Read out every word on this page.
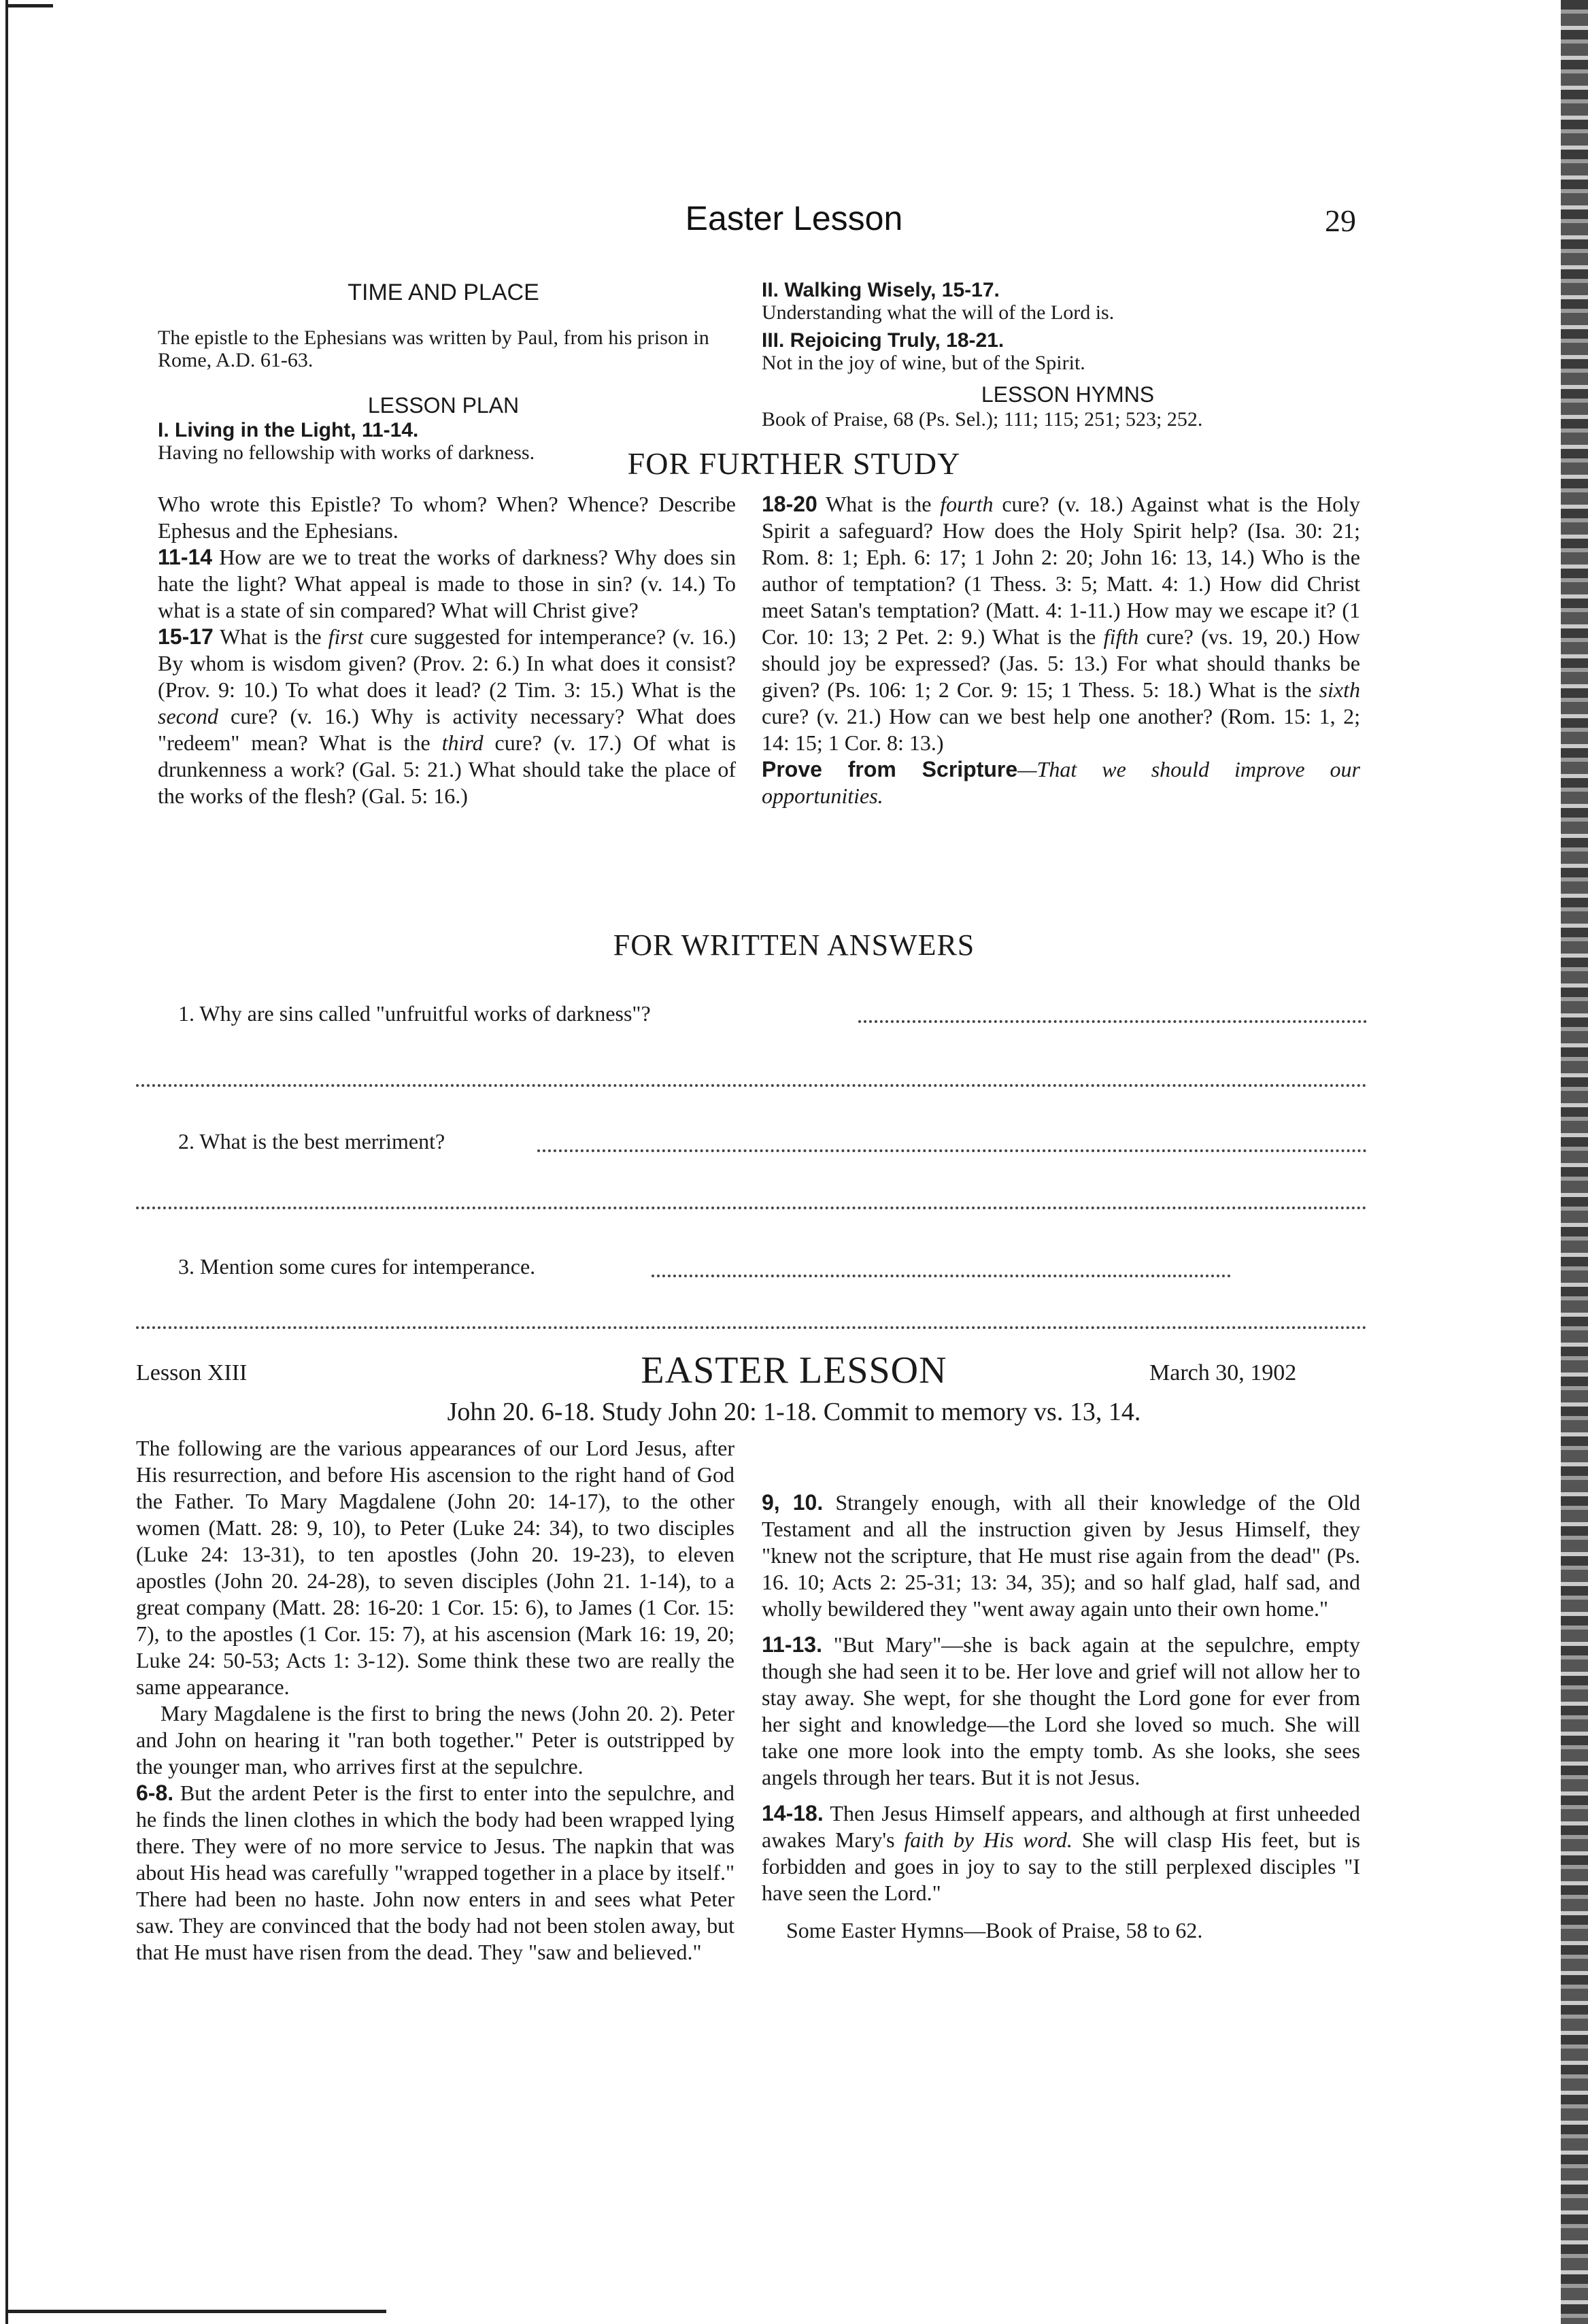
Easter Lesson	29
TIME AND PLACE

The epistle to the Ephesians was written by Paul, from his prison in Rome, A.D. 61-63.

LESSON PLAN
I. Living in the Light, 11-14.
Having no fellowship with works of darkness.
II. Walking Wisely, 15-17.
Understanding what the will of the Lord is.
III. Rejoicing Truly, 18-21.
Not in the joy of wine, but of the Spirit.
LESSON HYMNS
Book of Praise, 68 (Ps. Sel.); 111; 115; 251; 523; 252.
FOR FURTHER STUDY

Who wrote this Epistle? To whom? When? Whence? Describe Ephesus and the Ephesians.

11-14 How are we to treat the works of darkness? Why does sin hate the light? What appeal is made to those in sin? (v. 14.) To what is a state of sin compared? What will Christ give?

15-17 What is the first cure suggested for intemperance? (v. 16.) By whom is wisdom given? (Prov. 2: 6.) In what does it consist? (Prov. 9: 10.) To what does it lead? (2 Tim. 3: 15.) What is the second cure? (v. 16.) Why is activity necessary? What does "redeem" mean? What is the third cure? (v. 17.) Of what is drunkenness a work? (Gal. 5: 21.) What should take the place of the works of the flesh? (Gal. 5: 16.)

18-20 What is the fourth cure? (v. 18.) Against what is the Holy Spirit a safeguard? How does the Holy Spirit help? (Isa. 30: 21; Rom. 8: 1; Eph. 6: 17; 1 John 2: 20; John 16: 13, 14.) Who is the author of temptation? (1 Thess. 3: 5; Matt. 4: 1.) How did Christ meet Satan's temptation? (Matt. 4: 1-11.) How may we escape it? (1 Cor. 10: 13; 2 Pet. 2: 9.) What is the fifth cure? (vs. 19, 20.) How should joy be expressed? (Jas. 5: 13.) For what should thanks be given? (Ps. 106: 1; 2 Cor. 9: 15; 1 Thess. 5: 18.) What is the sixth cure? (v. 21.) How can we best help one another? (Rom. 15: 1, 2; 14: 15; 1 Cor. 8: 13.)

Prove from Scripture—That we should improve our opportunities.

FOR WRITTEN ANSWERS
1. Why are sins called "unfruitful works of darkness"?
2. What is the best merriment?
3. Mention some cures for intemperance.
Lesson XIII	EASTER LESSON	March 30, 1902
John 20. 6-18. Study John 20: 1-18. Commit to memory vs. 13, 14.

The following are the various appearances of our Lord Jesus, after His resurrection, and before His ascension to the right hand of God the Father. To Mary Magdalene (John 20: 14-17), to the other women (Matt. 28: 9, 10), to Peter (Luke 24: 34), to two disciples (Luke 24: 13-31), to ten apostles (John 20. 19-23), to eleven apostles (John 20. 24-28), to seven disciples (John 21. 1-14), to a great company (Matt. 28: 16-20: 1 Cor. 15: 6), to James (1 Cor. 15: 7), to the apostles (1 Cor. 15: 7), at his ascension (Mark 16: 19, 20; Luke 24: 50-53; Acts 1: 3-12). Some think these two are really the same appearance.

Mary Magdalene is the first to bring the news (John 20. 2). Peter and John on hearing it "ran both together." Peter is outstripped by the younger man, who arrives first at the sepulchre.

6-8. But the ardent Peter is the first to enter into the sepulchre, and he finds the linen clothes in which the body had been wrapped lying there. They were of no more service to Jesus. The napkin that was about His head was carefully "wrapped together in a place by itself." There had been no haste. John now enters in and sees what Peter saw. They are convinced that the body had not been stolen away, but that He must have risen from the dead. They "saw and believed."

9, 10. Strangely enough, with all their knowledge of the Old Testament and all the instruction given by Jesus Himself, they "knew not the scripture, that He must rise again from the dead" (Ps. 16. 10; Acts 2: 25-31; 13: 34, 35); and so half glad, half sad, and wholly bewildered they "went away again unto their own home."

11-13. "But Mary"—she is back again at the sepulchre, empty though she had seen it to be. Her love and grief will not allow her to stay away. She wept, for she thought the Lord gone for ever from her sight and knowledge—the Lord she loved so much. She will take one more look into the empty tomb. As she looks, she sees angels through her tears. But it is not Jesus.

14-18. Then Jesus Himself appears, and although at first unheeded awakes Mary's faith by His word. She will clasp His feet, but is forbidden and goes in joy to say to the still perplexed disciples "I have seen the Lord."

Some Easter Hymns—Book of Praise, 58 to 62.
